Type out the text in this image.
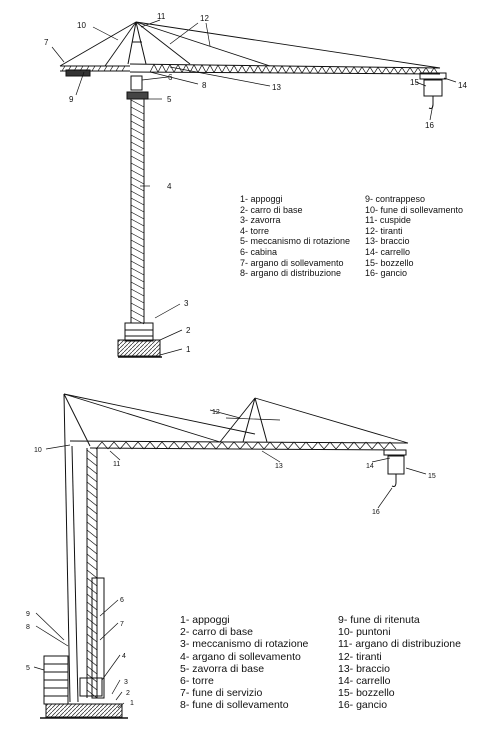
1
2
3
4
5
6
7
8
9
10
11	12
13	14
15
16
1
2
3
4
5
6
7
8
9
10
11
12
13	14
15
16
1- appoggi
2- carro di base
3- zavorra
4- torre
5- meccanismo di rotazione
6- cabina
7- argano di sollevamento
8- argano di distribuzione
9- contrappeso
10- fune di sollevamento
11- cuspide
12- tiranti
13- braccio
14- carrello
15- bozzello
16- gancio
1- appoggi
2- carro di base
3- meccanismo di rotazione
4- argano di sollevamento
5- zavorra di base
6- torre
7- fune di servizio
8- fune di sollevamento
9- fune di ritenuta
10- puntoni
11- argano di distribuzione
12- tiranti
13- braccio
14- carrello
15- bozzello
16- gancio
